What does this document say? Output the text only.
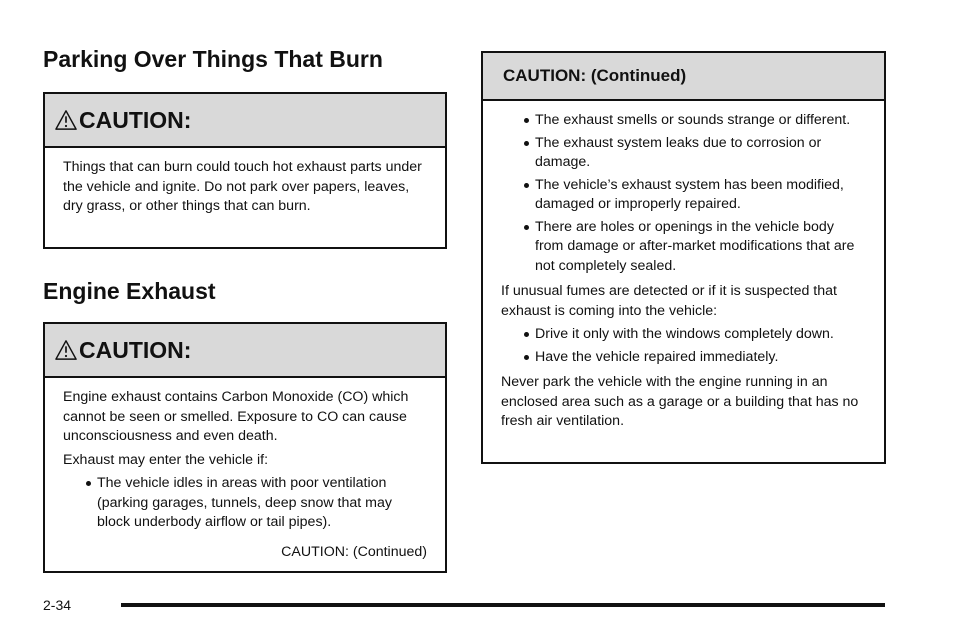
Parking Over Things That Burn
CAUTION:

Things that can burn could touch hot exhaust parts under the vehicle and ignite. Do not park over papers, leaves, dry grass, or other things that can burn.

Engine Exhaust
CAUTION:

Engine exhaust contains Carbon Monoxide (CO) which cannot be seen or smelled. Exposure to CO can cause unconsciousness and even death.

Exhaust may enter the vehicle if:

The vehicle idles in areas with poor ventilation (parking garages, tunnels, deep snow that may block underbody airflow or tail pipes).
CAUTION: (Continued)
CAUTION: (Continued)
The exhaust smells or sounds strange or different.
The exhaust system leaks due to corrosion or damage.
The vehicle’s exhaust system has been modified, damaged or improperly repaired.
There are holes or openings in the vehicle body from damage or after-market modifications that are not completely sealed.

If unusual fumes are detected or if it is suspected that exhaust is coming into the vehicle:

Drive it only with the windows completely down.
Have the vehicle repaired immediately.

Never park the vehicle with the engine running in an enclosed area such as a garage or a building that has no fresh air ventilation.

2-34
